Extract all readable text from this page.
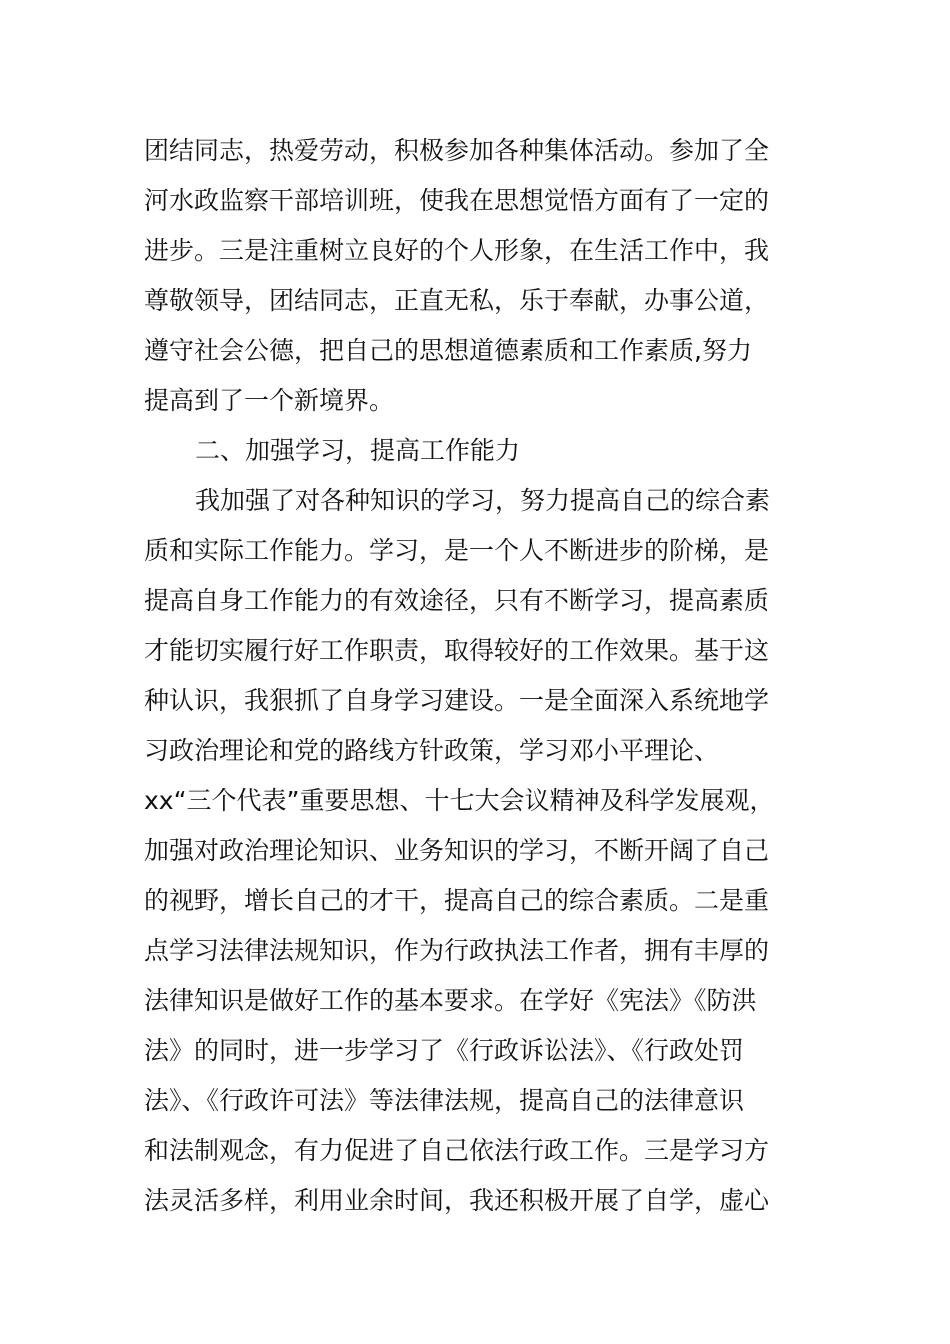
团结同志，热爱劳动，积极参加各种集体活动。参加了全
河水政监察干部培训班，使我在思想觉悟方面有了一定的
进步。三是注重树立良好的个人形象，在生活工作中，我
尊敬领导，团结同志，正直无私，乐于奉献，办事公道，
遵守社会公德，把自己的思想道德素质和工作素质,努力
提高到了一个新境界。
二、加强学习，提高工作能力
我加强了对各种知识的学习，努力提高自己的综合素
质和实际工作能力。学习，是一个人不断进步的阶梯，是
提高自身工作能力的有效途径，只有不断学习，提高素质
才能切实履行好工作职责，取得较好的工作效果。基于这
种认识，我狠抓了自身学习建设。一是全面深入系统地学
习政治理论和党的路线方针政策，学习邓小平理论、
xx“三个代表”重要思想、十七大会议精神及科学发展观，
加强对政治理论知识、业务知识的学习，不断开阔了自己
的视野，增长自己的才干，提高自己的综合素质。二是重
点学习法律法规知识，作为行政执法工作者，拥有丰厚的
法律知识是做好工作的基本要求。在学好《宪法》《防洪
法》的同时，进一步学习了《行政诉讼法》、《行政处罚
法》、《行政许可法》等法律法规，提高自己的法律意识
和法制观念，有力促进了自己依法行政工作。三是学习方
法灵活多样，利用业余时间，我还积极开展了自学，虚心
